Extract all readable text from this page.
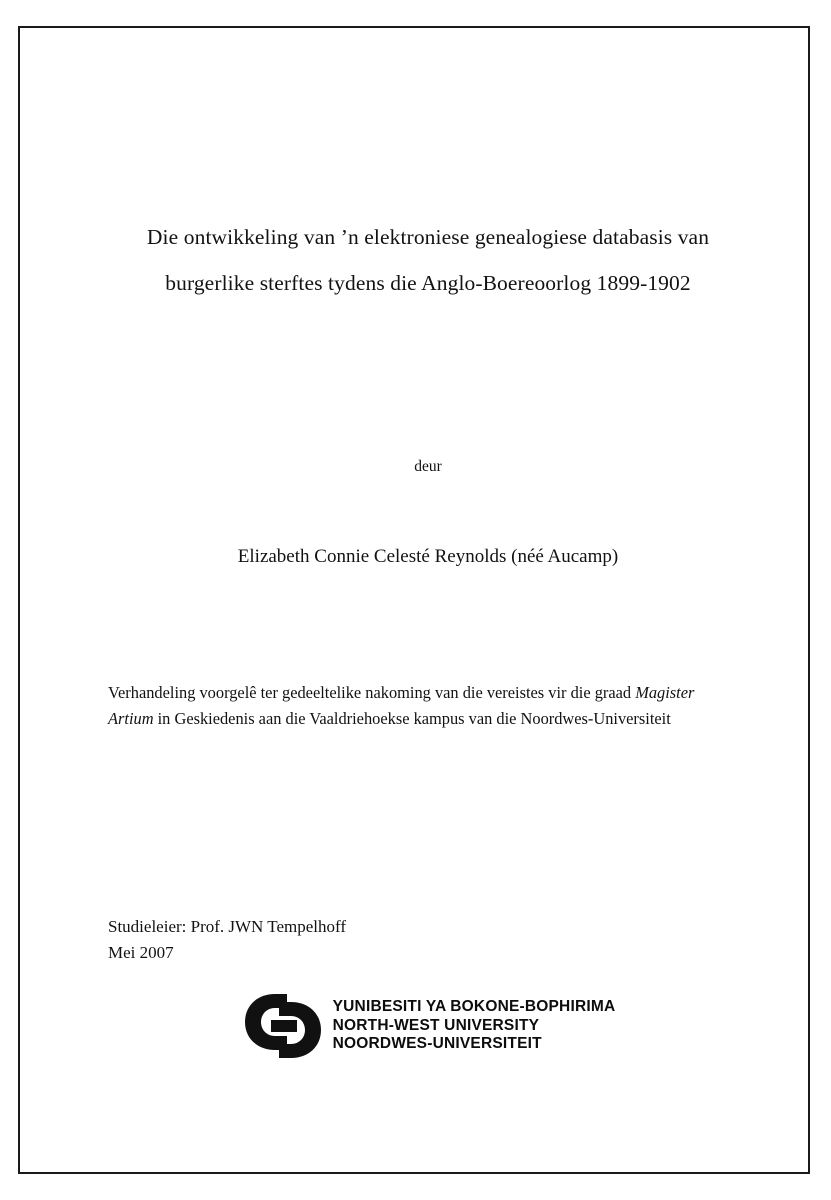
Die ontwikkeling van ’n elektroniese genealogiese databasis van
burgerlike sterftes tydens die Anglo-Boereoorlog 1899-1902
deur
Elizabeth Connie Celesté Reynolds (néé Aucamp)
Verhandeling voorgelê ter gedeeltelike nakoming van die vereistes vir die graad Magister Artium in Geskiedenis aan die Vaaldriehoekse kampus van die Noordwes-Universiteit
Studieleier: Prof. JWN Tempelhoff
Mei 2007
YUNIBESITI YA BOKONE-BOPHIRIMA
NORTH-WEST UNIVERSITY
NOORDWES-UNIVERSITEIT
